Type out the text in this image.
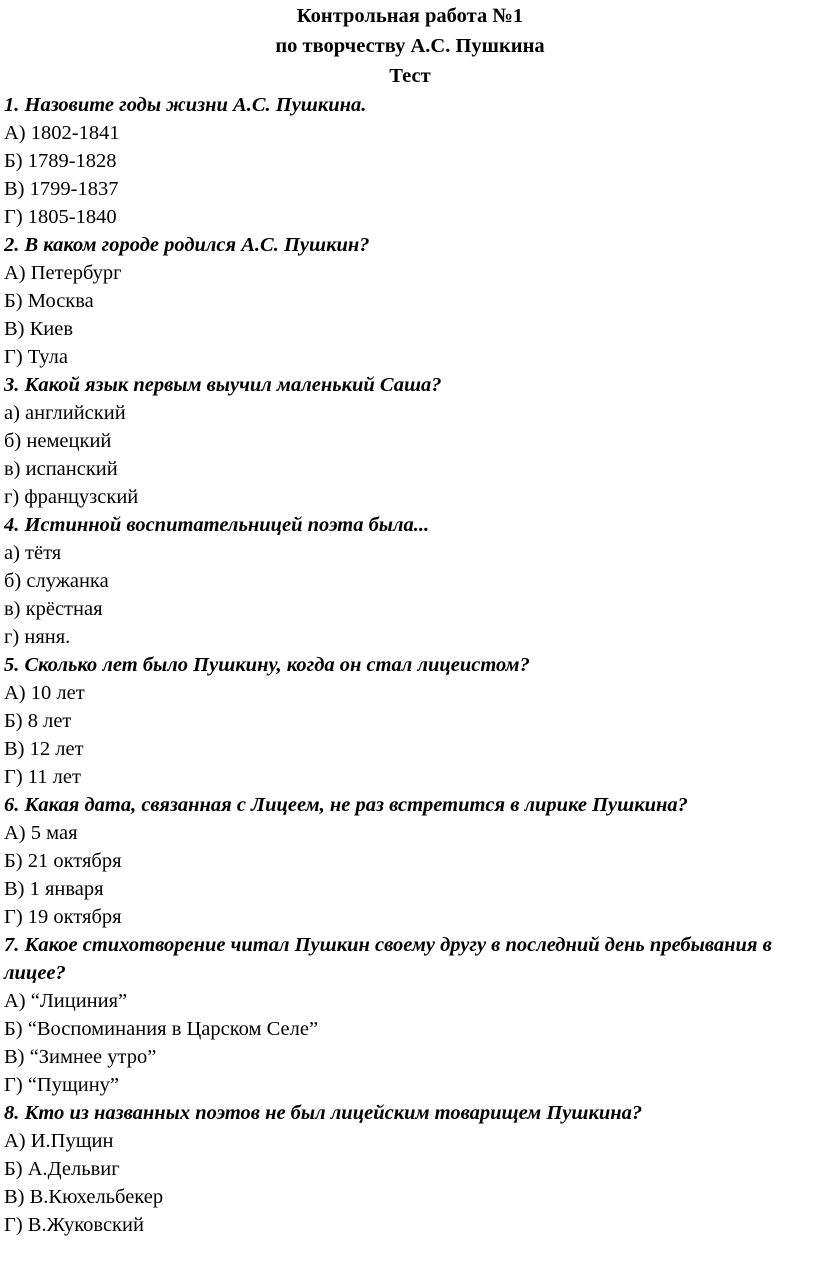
Контрольная работа №1
по творчеству А.С. Пушкина
Тест

1. Назовите годы жизни А.С. Пушкина.

А) 1802-1841

Б) 1789-1828

В) 1799-1837

Г) 1805-1840

2. В каком городе родился А.С. Пушкин?

А) Петербург

Б) Москва

В) Киев

Г) Тула

3. Какой язык первым выучил маленький Саша?

а) английский

б) немецкий

в) испанский

г) французский

4. Истинной воспитательницей поэта была...

а) тётя

б) служанка

в) крёстная

г) няня.

5. Сколько лет было Пушкину, когда он стал лицеистом?

А) 10 лет

Б) 8 лет

В) 12 лет

Г) 11 лет

6. Какая дата, связанная с Лицеем, не раз встретится в лирике Пушкина?

А) 5 мая

Б) 21 октября

В) 1 января

Г) 19 октября

7. Какое стихотворение читал Пушкин своему другу в последний день пребывания в лицее?

А) “Лициния”

Б) “Воспоминания в Царском Селе”

В) “Зимнее утро”

Г) “Пущину”

8. Кто из названных поэтов не был лицейским товарищем Пушкина?

А) И.Пущин

Б) А.Дельвиг

В) В.Кюхельбекер

Г) В.Жуковский
